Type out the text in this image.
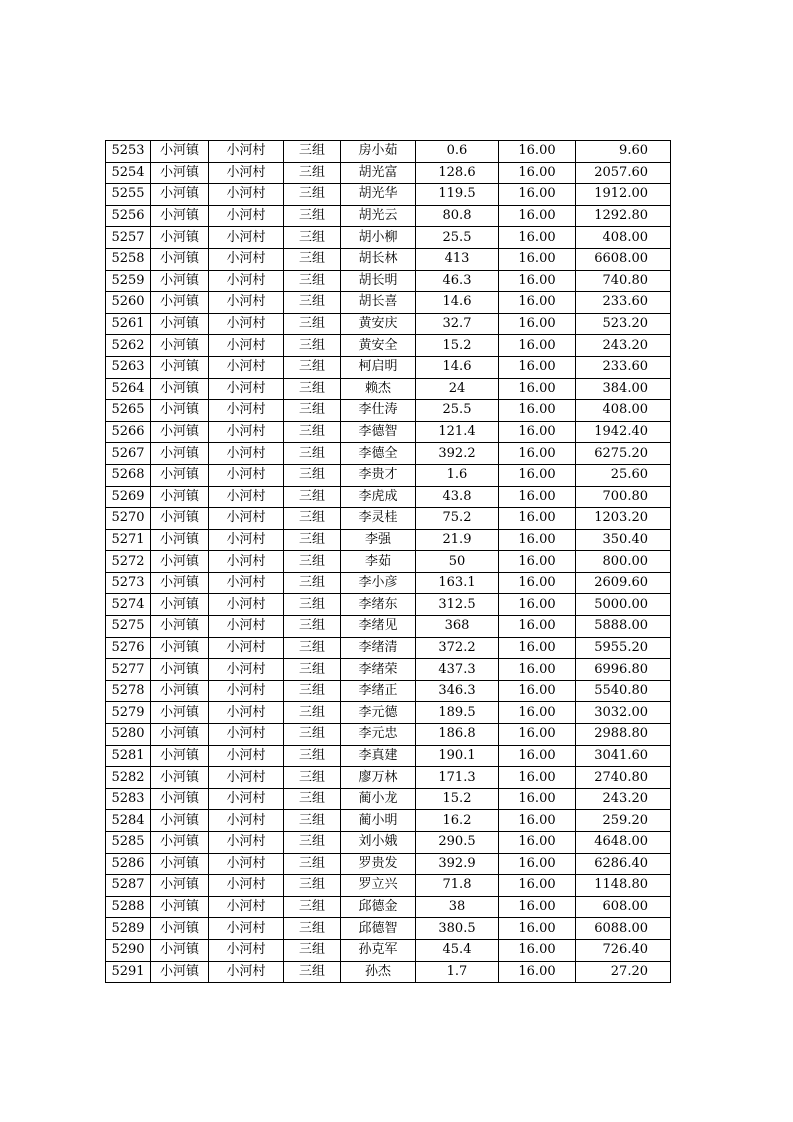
5253	小河镇	小河村	三组	房小茹	0.6	16.00	9.60
5254	小河镇	小河村	三组	胡光富	128.6	16.00	2057.60
5255	小河镇	小河村	三组	胡光华	119.5	16.00	1912.00
5256	小河镇	小河村	三组	胡光云	80.8	16.00	1292.80
5257	小河镇	小河村	三组	胡小柳	25.5	16.00	408.00
5258	小河镇	小河村	三组	胡长林	413	16.00	6608.00
5259	小河镇	小河村	三组	胡长明	46.3	16.00	740.80
5260	小河镇	小河村	三组	胡长喜	14.6	16.00	233.60
5261	小河镇	小河村	三组	黄安庆	32.7	16.00	523.20
5262	小河镇	小河村	三组	黄安全	15.2	16.00	243.20
5263	小河镇	小河村	三组	柯启明	14.6	16.00	233.60
5264	小河镇	小河村	三组	赖杰	24	16.00	384.00
5265	小河镇	小河村	三组	李仕涛	25.5	16.00	408.00
5266	小河镇	小河村	三组	李德智	121.4	16.00	1942.40
5267	小河镇	小河村	三组	李德全	392.2	16.00	6275.20
5268	小河镇	小河村	三组	李贵才	1.6	16.00	25.60
5269	小河镇	小河村	三组	李虎成	43.8	16.00	700.80
5270	小河镇	小河村	三组	李灵桂	75.2	16.00	1203.20
5271	小河镇	小河村	三组	李强	21.9	16.00	350.40
5272	小河镇	小河村	三组	李茹	50	16.00	800.00
5273	小河镇	小河村	三组	李小彦	163.1	16.00	2609.60
5274	小河镇	小河村	三组	李绪东	312.5	16.00	5000.00
5275	小河镇	小河村	三组	李绪见	368	16.00	5888.00
5276	小河镇	小河村	三组	李绪清	372.2	16.00	5955.20
5277	小河镇	小河村	三组	李绪荣	437.3	16.00	6996.80
5278	小河镇	小河村	三组	李绪正	346.3	16.00	5540.80
5279	小河镇	小河村	三组	李元德	189.5	16.00	3032.00
5280	小河镇	小河村	三组	李元忠	186.8	16.00	2988.80
5281	小河镇	小河村	三组	李真建	190.1	16.00	3041.60
5282	小河镇	小河村	三组	廖万林	171.3	16.00	2740.80
5283	小河镇	小河村	三组	蔺小龙	15.2	16.00	243.20
5284	小河镇	小河村	三组	蔺小明	16.2	16.00	259.20
5285	小河镇	小河村	三组	刘小娥	290.5	16.00	4648.00
5286	小河镇	小河村	三组	罗贵发	392.9	16.00	6286.40
5287	小河镇	小河村	三组	罗立兴	71.8	16.00	1148.80
5288	小河镇	小河村	三组	邱德金	38	16.00	608.00
5289	小河镇	小河村	三组	邱德智	380.5	16.00	6088.00
5290	小河镇	小河村	三组	孙克军	45.4	16.00	726.40
5291	小河镇	小河村	三组	孙杰	1.7	16.00	27.20
